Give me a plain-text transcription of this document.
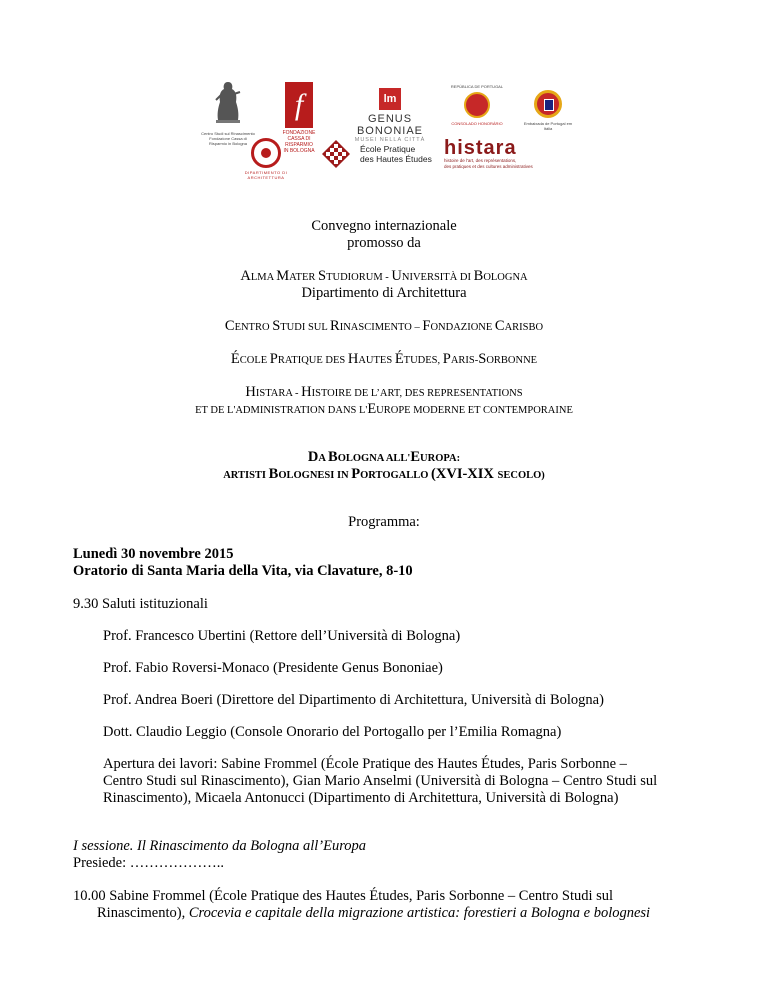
Centro Studi sul Rinascimento
Fondazione Cassa di Risparmio in Bologna
f
FONDAZIONE
CASSA DI RISPARMIO
IN BOLOGNA
lm
GENUS BONONIAE
MUSEI NELLA CITTÀ
REPÚBLICA DE PORTUGAL
CONSOLADO HONORÁRIO	Embaixada de Portugal em Itália
DIPARTIMENTO DI ARCHITETTURA
École Pratique
des Hautes Études histara
histoire de l'art, des représentations,
des pratiques et des cultures administratives
Convegno internazionale
promosso da
ALMA MATER STUDIORUM - UNIVERSITÀ DI BOLOGNA
Dipartimento di Architettura
CENTRO STUDI SUL RINASCIMENTO – FONDAZIONE CARISBO
ÉCOLE PRATIQUE DES HAUTES ÉTUDES, PARIS-SORBONNE
HISTARA - HISTOIRE DE L’ART, DES REPRESENTATIONS
ET DE L'ADMINISTRATION DANS L'EUROPE MODERNE ET CONTEMPORAINE
DA BOLOGNA ALL'EUROPA:
ARTISTI BOLOGNESI IN PORTOGALLO (XVI-XIX SECOLO)
Programma:
Lunedì 30 novembre 2015
Oratorio di Santa Maria della Vita, via Clavature, 8-10
9.30 Saluti istituzionali
Prof. Francesco Ubertini (Rettore dell’Università di Bologna)
Prof. Fabio Roversi-Monaco (Presidente Genus Bononiae)
Prof. Andrea Boeri (Direttore del Dipartimento di Architettura, Università di Bologna)
Dott. Claudio Leggio (Console Onorario del Portogallo per l’Emilia Romagna)
Apertura dei lavori: Sabine Frommel (École Pratique des Hautes Études, Paris Sorbonne –
Centro Studi sul Rinascimento), Gian Mario Anselmi (Università di Bologna – Centro Studi sul
Rinascimento), Micaela Antonucci (Dipartimento di Architettura, Università di Bologna)
I sessione. Il Rinascimento da Bologna all’Europa
Presiede: ………………..
10.00 Sabine Frommel (École Pratique des Hautes Études, Paris Sorbonne – Centro Studi sul
Rinascimento), Crocevia e capitale della migrazione artistica: forestieri a Bologna e bolognesi
